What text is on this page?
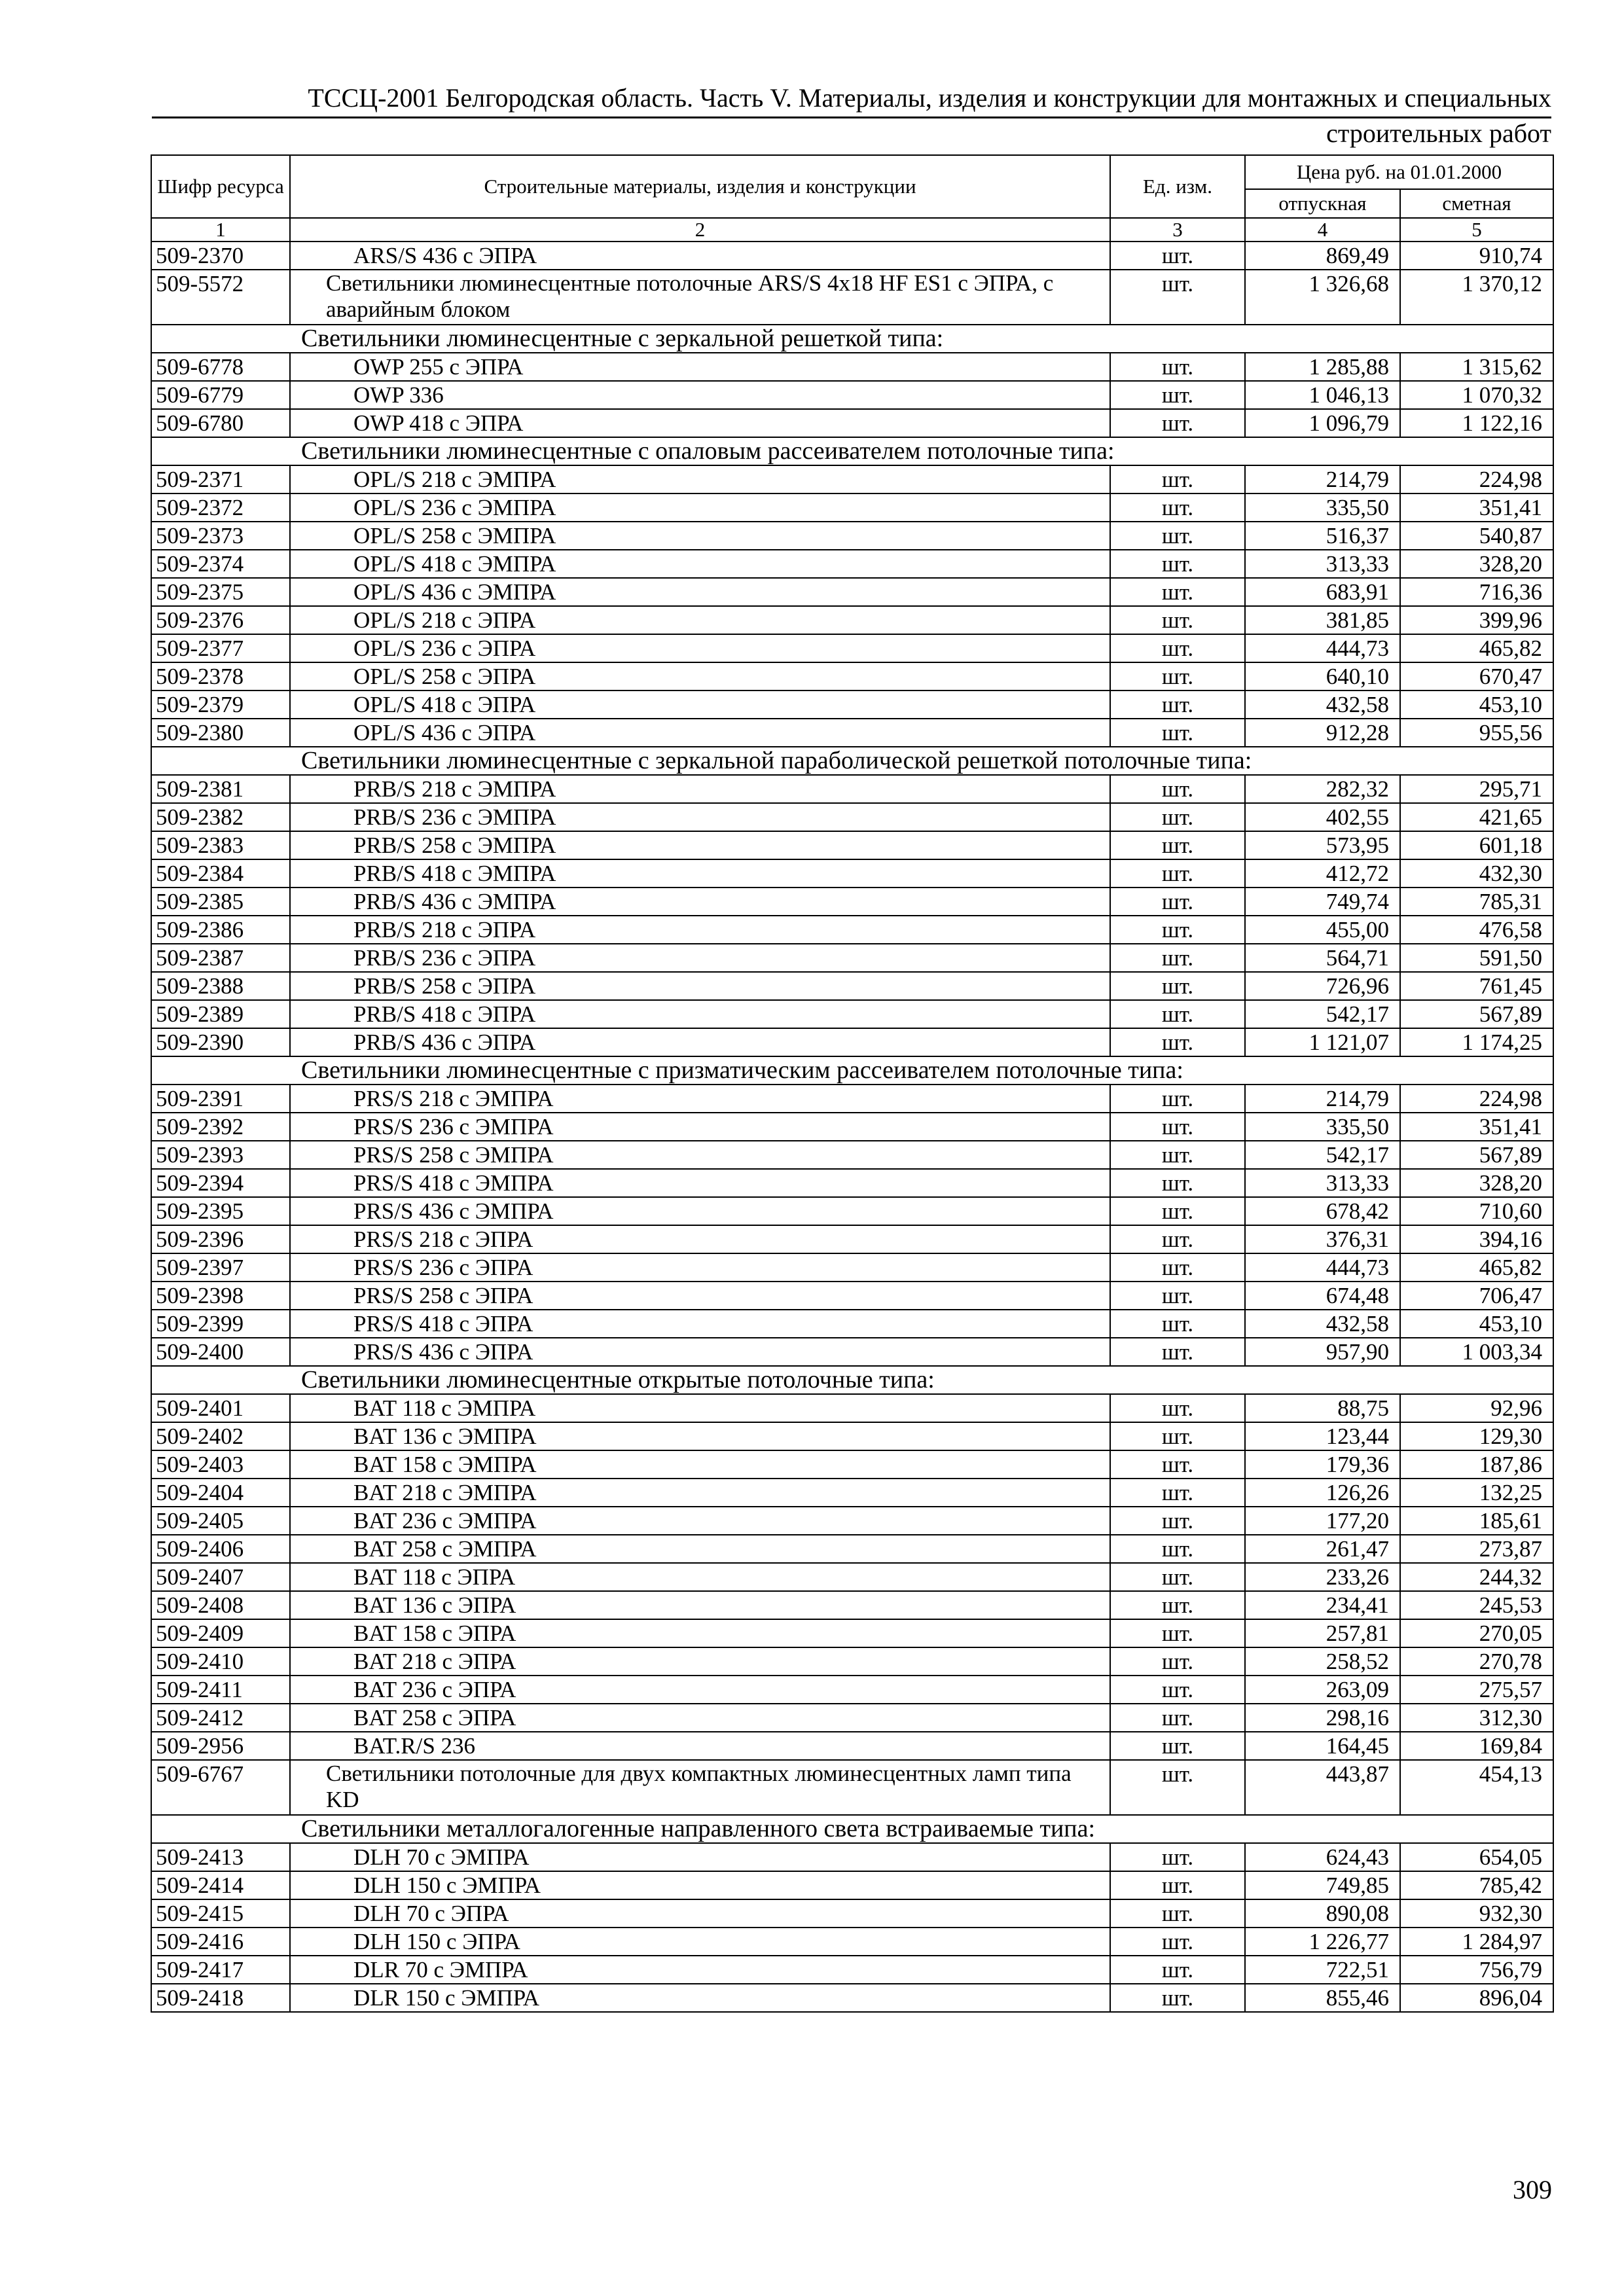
ТССЦ-2001 Белгородская область. Часть V. Материалы, изделия и конструкции для монтажных и специальных
строительных работ
Шифр ресурса	Строительные материалы, изделия и конструкции	Ед. изм.	Цена руб. на 01.01.2000	
			отпускная	сметная
1	2	3	4	5
509-2370	ARS/S 436 с ЭПРА	шт.	869,49	910,74
509-5572	Светильники люминесцентные потолочные ARS/S 4x18 HF ES1 с ЭПРА, с аварийным блоком	шт.	1 326,68	1 370,12
Светильники люминесцентные с зеркальной решеткой типа:				
509-6778	OWP 255 с ЭПРА	шт.	1 285,88	1 315,62
509-6779	OWP 336	шт.	1 046,13	1 070,32
509-6780	OWP 418 с ЭПРА	шт.	1 096,79	1 122,16
Светильники люминесцентные с опаловым рассеивателем потолочные типа:				
509-2371	OPL/S 218 с ЭМПРА	шт.	214,79	224,98
509-2372	OPL/S 236 с ЭМПРА	шт.	335,50	351,41
509-2373	OPL/S 258 с ЭМПРА	шт.	516,37	540,87
509-2374	OPL/S 418 с ЭМПРА	шт.	313,33	328,20
509-2375	OPL/S 436 с ЭМПРА	шт.	683,91	716,36
509-2376	OPL/S 218 с ЭПРА	шт.	381,85	399,96
509-2377	OPL/S 236 с ЭПРА	шт.	444,73	465,82
509-2378	OPL/S 258 с ЭПРА	шт.	640,10	670,47
509-2379	OPL/S 418 с ЭПРА	шт.	432,58	453,10
509-2380	OPL/S 436 с ЭПРА	шт.	912,28	955,56
Светильники люминесцентные с зеркальной параболической решеткой потолочные типа:				
509-2381	PRB/S 218 с ЭМПРА	шт.	282,32	295,71
509-2382	PRB/S 236 с ЭМПРА	шт.	402,55	421,65
509-2383	PRB/S 258 с ЭМПРА	шт.	573,95	601,18
509-2384	PRB/S 418 с ЭМПРА	шт.	412,72	432,30
509-2385	PRB/S 436 с ЭМПРА	шт.	749,74	785,31
509-2386	PRB/S 218 с ЭПРА	шт.	455,00	476,58
509-2387	PRB/S 236 с ЭПРА	шт.	564,71	591,50
509-2388	PRB/S 258 с ЭПРА	шт.	726,96	761,45
509-2389	PRB/S 418 с ЭПРА	шт.	542,17	567,89
509-2390	PRB/S 436 с ЭПРА	шт.	1 121,07	1 174,25
Светильники люминесцентные с призматическим рассеивателем потолочные типа:				
509-2391	PRS/S 218 с ЭМПРА	шт.	214,79	224,98
509-2392	PRS/S 236 с ЭМПРА	шт.	335,50	351,41
509-2393	PRS/S 258 с ЭМПРА	шт.	542,17	567,89
509-2394	PRS/S 418 с ЭМПРА	шт.	313,33	328,20
509-2395	PRS/S 436 с ЭМПРА	шт.	678,42	710,60
509-2396	PRS/S 218 с ЭПРА	шт.	376,31	394,16
509-2397	PRS/S 236 с ЭПРА	шт.	444,73	465,82
509-2398	PRS/S 258 с ЭПРА	шт.	674,48	706,47
509-2399	PRS/S 418 с ЭПРА	шт.	432,58	453,10
509-2400	PRS/S 436 с ЭПРА	шт.	957,90	1 003,34
Светильники люминесцентные открытые потолочные типа:				
509-2401	BAT 118 с ЭМПРА	шт.	88,75	92,96
509-2402	BAT 136 с ЭМПРА	шт.	123,44	129,30
509-2403	BAT 158 с ЭМПРА	шт.	179,36	187,86
509-2404	BAT 218 с ЭМПРА	шт.	126,26	132,25
509-2405	BAT 236 с ЭМПРА	шт.	177,20	185,61
509-2406	BAT 258 с ЭМПРА	шт.	261,47	273,87
509-2407	BAT 118 с ЭПРА	шт.	233,26	244,32
509-2408	BAT 136 с ЭПРА	шт.	234,41	245,53
509-2409	BAT 158 с ЭПРА	шт.	257,81	270,05
509-2410	BAT 218 с ЭПРА	шт.	258,52	270,78
509-2411	BAT 236 с ЭПРА	шт.	263,09	275,57
509-2412	BAT 258 с ЭПРА	шт.	298,16	312,30
509-2956	BAT.R/S 236	шт.	164,45	169,84
509-6767	Светильники потолочные для двух компактных люминесцентных ламп типа KD	шт.	443,87	454,13
Светильники металлогалогенные направленного света встраиваемые типа:				
509-2413	DLH 70 с ЭМПРА	шт.	624,43	654,05
509-2414	DLH 150 с ЭМПРА	шт.	749,85	785,42
509-2415	DLH 70 с ЭПРА	шт.	890,08	932,30
509-2416	DLH 150 с ЭПРА	шт.	1 226,77	1 284,97
509-2417	DLR 70 с ЭМПРА	шт.	722,51	756,79
509-2418	DLR 150 с ЭМПРА	шт.	855,46	896,04
309
